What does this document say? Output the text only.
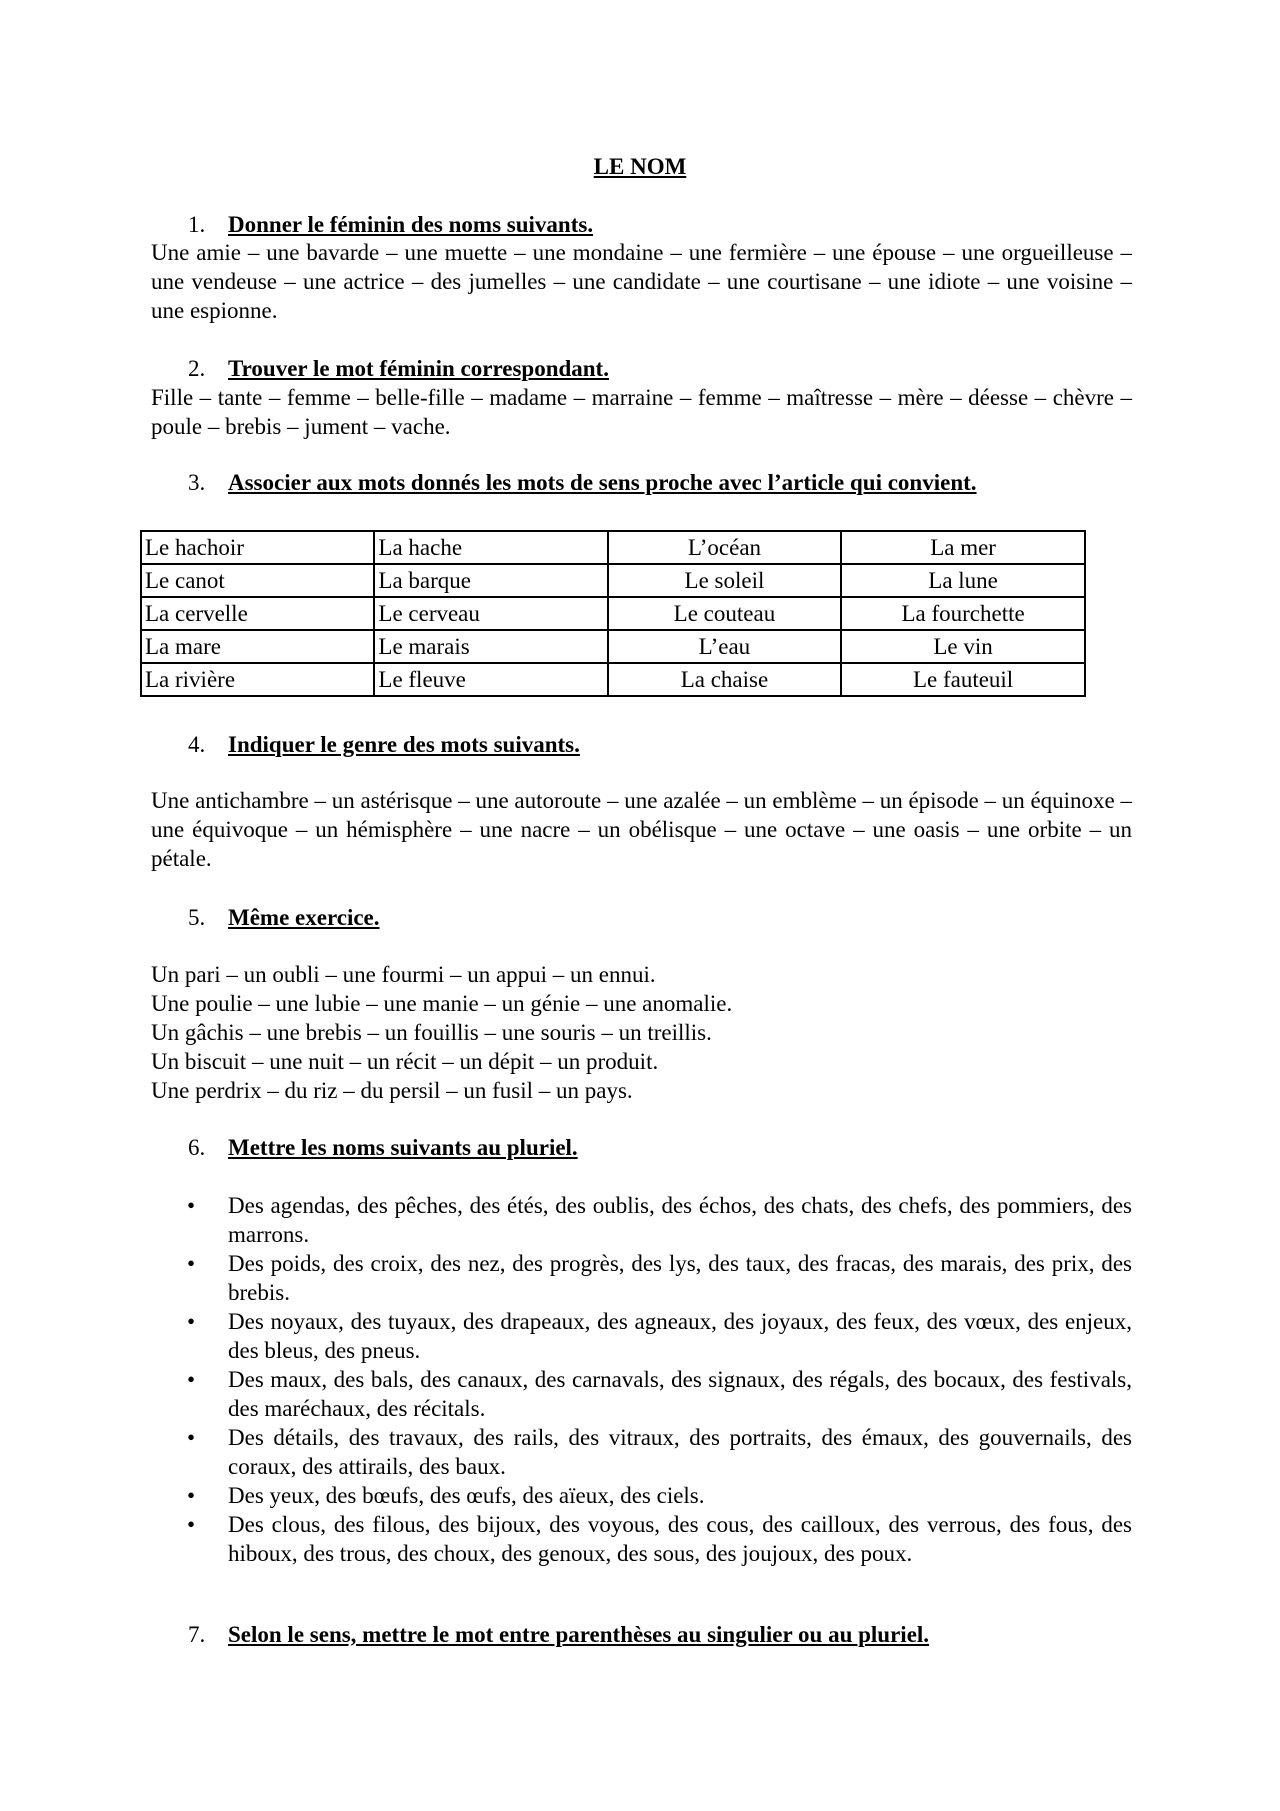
LE NOM
1. Donner le féminin des noms suivants.
Une amie – une bavarde – une muette – une mondaine – une fermière – une épouse – une orgueilleuse – une vendeuse – une actrice – des jumelles – une candidate – une courtisane – une idiote – une voisine – une espionne.
2. Trouver le mot féminin correspondant.
Fille – tante – femme – belle-fille – madame – marraine – femme – maîtresse – mère – déesse – chèvre – poule – brebis – jument – vache.
3. Associer aux mots donnés les mots de sens proche avec l’article qui convient.
Le hachoir	La hache	L’océan	La mer
Le canot	La barque	Le soleil	La lune
La cervelle	Le cerveau	Le couteau	La fourchette
La mare	Le marais	L’eau	Le vin
La rivière	Le fleuve	La chaise	Le fauteuil
4. Indiquer le genre des mots suivants.
Une antichambre – un astérisque – une autoroute – une azalée – un emblème – un épisode – un équinoxe – une équivoque – un hémisphère – une nacre – un obélisque – une octave – une oasis – une orbite – un pétale.
5. Même exercice.
Un pari – un oubli – une fourmi – un appui – un ennui.
Une poulie – une lubie – une manie – un génie – une anomalie.
Un gâchis – une brebis – un fouillis – une souris – un treillis.
Un biscuit – une nuit – un récit – un dépit – un produit.
Une perdrix – du riz – du persil – un fusil – un pays.
6. Mettre les noms suivants au pluriel.
• Des agendas, des pêches, des étés, des oublis, des échos, des chats, des chefs, des pommiers, des marrons.
• Des poids, des croix, des nez, des progrès, des lys, des taux, des fracas, des marais, des prix, des brebis.
• Des noyaux, des tuyaux, des drapeaux, des agneaux, des joyaux, des feux, des vœux, des enjeux, des bleus, des pneus.
• Des maux, des bals, des canaux, des carnavals, des signaux, des régals, des bocaux, des festivals, des maréchaux, des récitals.
• Des détails, des travaux, des rails, des vitraux, des portraits, des émaux, des gouvernails, des coraux, des attirails, des baux.
• Des yeux, des bœufs, des œufs, des aïeux, des ciels.
• Des clous, des filous, des bijoux, des voyous, des cous, des cailloux, des verrous, des fous, des hiboux, des trous, des choux, des genoux, des sous, des joujoux, des poux.
7. Selon le sens, mettre le mot entre parenthèses au singulier ou au pluriel.
